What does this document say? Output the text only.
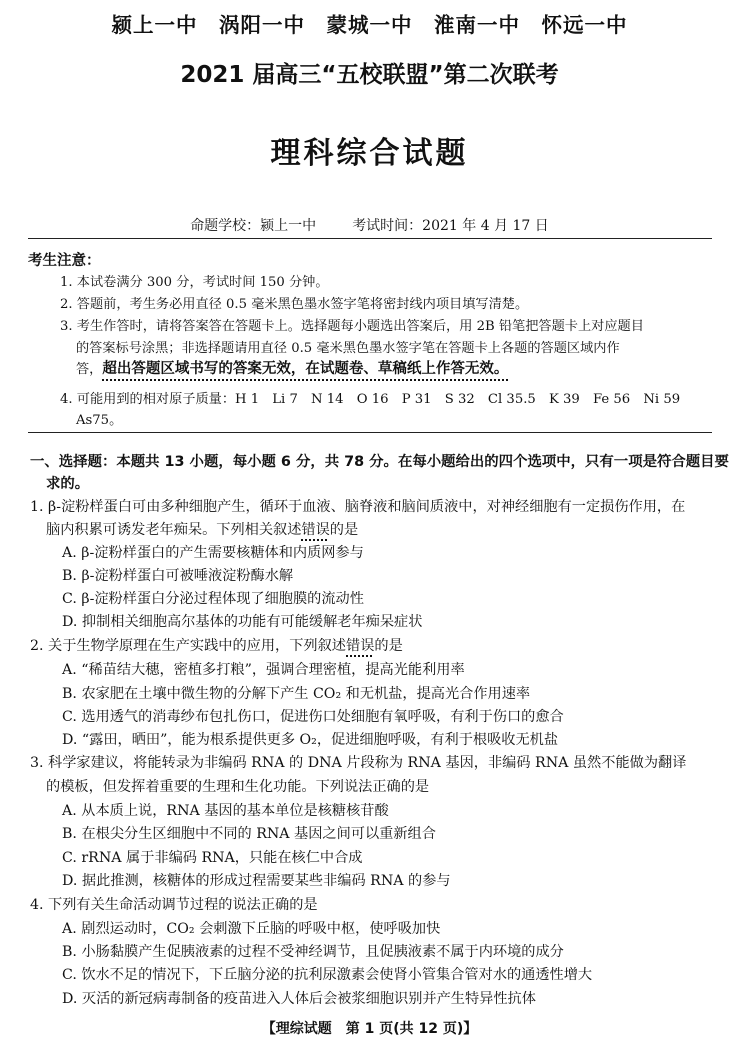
颍上一中　涡阳一中　蒙城一中　淮南一中　怀远一中
2021 届高三“五校联盟”第二次联考
理科综合试题
命题学校：颍上一中	考试时间：2021 年 4 月 17 日
考生注意：
1. 本试卷满分 300 分，考试时间 150 分钟。
2. 答题前，考生务必用直径 0.5 毫米黑色墨水签字笔将密封线内项目填写清楚。
3. 考生作答时，请将答案答在答题卡上。选择题每小题选出答案后，用 2B 铅笔把答题卡上对应题目
的答案标号涂黑；非选择题请用直径 0.5 毫米黑色墨水签字笔在答题卡上各题的答题区域内作
答，超出答题区域书写的答案无效，在试题卷、草稿纸上作答无效。
4. 可能用到的相对原子质量：H 1　Li 7　N 14　O 16　P 31　S 32　Cl 35.5　K 39　Fe 56　Ni 59
As75。
一、选择题：本题共 13 小题，每小题 6 分，共 78 分。在每小题给出的四个选项中，只有一项是符合题目要
求的。
1. β-淀粉样蛋白可由多种细胞产生，循环于血液、脑脊液和脑间质液中，对神经细胞有一定损伤作用，在
脑内积累可诱发老年痴呆。下列相关叙述错误的是
A. β-淀粉样蛋白的产生需要核糖体和内质网参与
B. β-淀粉样蛋白可被唾液淀粉酶水解
C. β-淀粉样蛋白分泌过程体现了细胞膜的流动性
D. 抑制相关细胞高尔基体的功能有可能缓解老年痴呆症状
2. 关于生物学原理在生产实践中的应用，下列叙述错误的是
A. “稀苗结大穗，密植多打粮”，强调合理密植，提高光能利用率
B. 农家肥在土壤中微生物的分解下产生 CO₂ 和无机盐，提高光合作用速率
C. 选用透气的消毒纱布包扎伤口，促进伤口处细胞有氧呼吸，有利于伤口的愈合
D. “露田，晒田”，能为根系提供更多 O₂，促进细胞呼吸，有利于根吸收无机盐
3. 科学家建议，将能转录为非编码 RNA 的 DNA 片段称为 RNA 基因，非编码 RNA 虽然不能做为翻译
的模板，但发挥着重要的生理和生化功能。下列说法正确的是
A. 从本质上说，RNA 基因的基本单位是核糖核苷酸
B. 在根尖分生区细胞中不同的 RNA 基因之间可以重新组合
C. rRNA 属于非编码 RNA，只能在核仁中合成
D. 据此推测，核糖体的形成过程需要某些非编码 RNA 的参与
4. 下列有关生命活动调节过程的说法正确的是
A. 剧烈运动时，CO₂ 会刺激下丘脑的呼吸中枢，使呼吸加快
B. 小肠黏膜产生促胰液素的过程不受神经调节，且促胰液素不属于内环境的成分
C. 饮水不足的情况下，下丘脑分泌的抗利尿激素会使肾小管集合管对水的通透性增大
D. 灭活的新冠病毒制备的疫苗进入人体后会被浆细胞识别并产生特异性抗体
【理综试题　第 1 页(共 12 页)】
